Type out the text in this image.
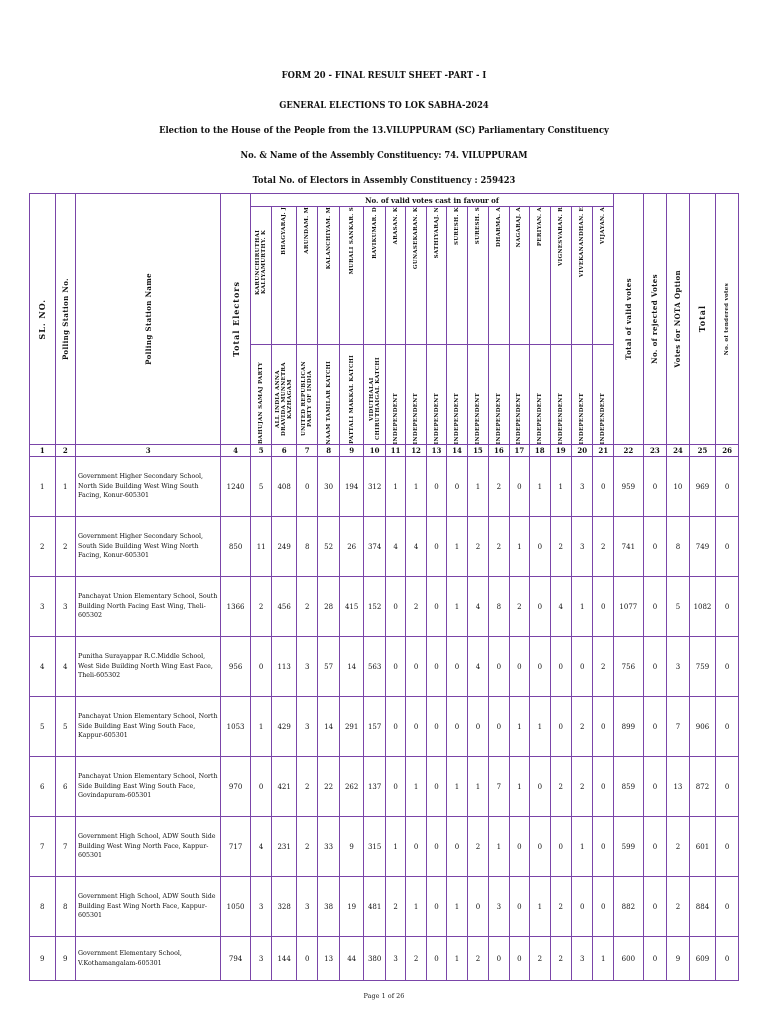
FORM 20 - FINAL RESULT SHEET -PART - I
GENERAL ELECTIONS TO LOK SABHA-2024
Election to the House of the People from the 13.VILUPPURAM (SC) Parliamentary Constituency
No. & Name of the Assembly Constituency: 74. VILUPPURAM
Total No. of Electors in Assembly Constituency : 259423
SL. NO.	Polling Station No.	Polling Station Name	Total Electors	No. of valid votes cast in favour of																	Total of valid votes	No. of rejected Votes	Votes for NOTA Option	Total	No. of tendered votes

				KARUNCHIRUTHAI KALIYAMURTHY. K	BHAGYARAJ. J	ARUNDAM. M	KALANCHIYAM. M	MURALI SANKAR. S	RAVIKUMAR. D	ARASAN. K	GUNASEKARAN. K	SATHIYARAJ. N	SURESH. K	SURESH. S	DHARMA. A	NAGARAJ. A	PERIYAN. A	VIGNESVARAN. R	VIVEKANANDHAN. E	VIJAYAN. A					

				BAHUJAN SAMAJ PARTY	ALL INDIA ANNA DRAVIDA MUNNETRA KAZHAGAM	UNITED REPUBLICAN PARTY OF INDIA	NAAM TAMILAR KATCHI	PATTALI MAKKAL KATCHI	VIDUTHALAI CHIRUTHAIGAL KATCHI	INDEPENDENT	INDEPENDENT	INDEPENDENT	INDEPENDENT	INDEPENDENT	INDEPENDENT	INDEPENDENT	INDEPENDENT	INDEPENDENT	INDEPENDENT	INDEPENDENT					

1	2	3	4	5	6	7	8	9	10	11	12	13	14	15	16	17	18	19	20	21	22	23	24	25	26
1	1	Government Higher Secondary School, North Side Building West Wing South Facing, Konur-605301	1240	5	408	0	30	194	312	1	1	0	0	1	2	0	1	1	3	0	959	0	10	969	0
2	2	Government Higher Secondary School, South Side Building West Wing North Facing, Konur-605301	850	11	249	8	52	26	374	4	4	0	1	2	2	1	0	2	3	2	741	0	8	749	0
3	3	Panchayat Union Elementary School, South Building North Facing East Wing, Theli-605302	1366	2	456	2	28	415	152	0	2	0	1	4	8	2	0	4	1	0	1077	0	5	1082	0
4	4	Punitha Surayappar R.C.Middle School, West Side Building North Wing East Face, Theli-605302	956	0	113	3	57	14	563	0	0	0	0	4	0	0	0	0	0	2	756	0	3	759	0
5	5	Panchayat Union Elementary School, North Side Building East Wing South Face, Kappur-605301	1053	1	429	3	14	291	157	0	0	0	0	0	0	1	1	0	2	0	899	0	7	906	0
6	6	Panchayat Union Elementary School, North Side Building East Wing South Face, Govindapuram-605301	970	0	421	2	22	262	137	0	1	0	1	1	7	1	0	2	2	0	859	0	13	872	0
7	7	Government High School, ADW South Side Building West Wing North Face, Kappur-605301	717	4	231	2	33	9	315	1	0	0	0	2	1	0	0	0	1	0	599	0	2	601	0
8	8	Government High School, ADW South Side Building East Wing North Face, Kappur-605301	1050	3	328	3	38	19	481	2	1	0	1	0	3	0	1	2	0	0	882	0	2	884	0
9	9	Government Elementary School, V.Kothamangalam-605301	794	3	144	0	13	44	380	3	2	0	1	2	0	0	2	2	3	1	600	0	9	609	0
Page 1 of 26
